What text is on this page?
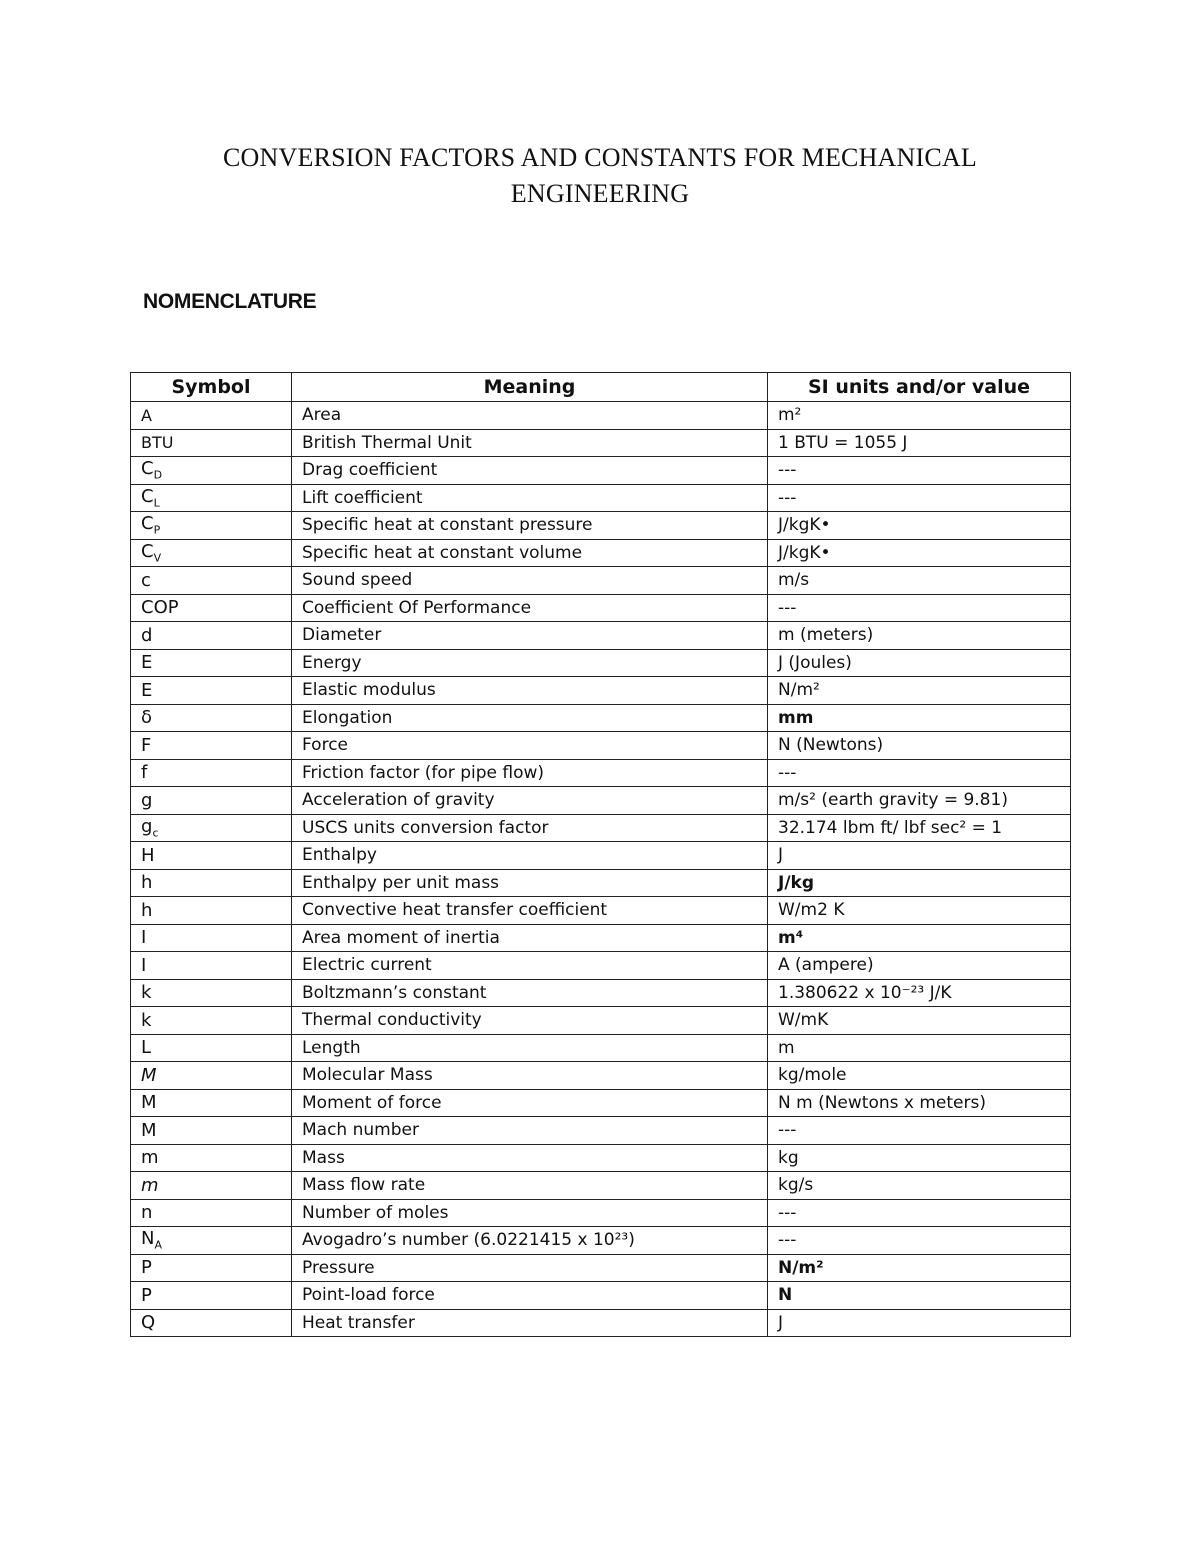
CONVERSION FACTORS AND CONSTANTS FOR MECHANICAL
ENGINEERING
NOMENCLATURE
Symbol	Meaning	SI units and/or value
A	Area	m²
BTU	British Thermal Unit	1 BTU = 1055 J
$C_D$	Drag coefficient	---
$C_L$	Lift coefficient	---
$C_P$	Specific heat at constant pressure	J/kgK•
$C_V$	Specific heat at constant volume	J/kgK•
c	Sound speed	m/s
COP	Coefficient Of Performance	---
d	Diameter	m (meters)
E	Energy	J (Joules)
E	Elastic modulus	N/m²
δ	Elongation	mm
F	Force	N (Newtons)
f	Friction factor (for pipe flow)	---
g	Acceleration of gravity	m/s² (earth gravity = 9.81)
$g_c$	USCS units conversion factor	32.174 lbm ft/ lbf sec² = 1
H	Enthalpy	J
h	Enthalpy per unit mass	J/kg
h	Convective heat transfer coefficient	W/m2 K
I	Area moment of inertia	m⁴
I	Electric current	A (ampere)
k	Boltzmann’s constant	1.380622 x 10⁻²³ J/K
k	Thermal conductivity	W/mK
L	Length	m
M	Molecular Mass	kg/mole
M	Moment of force	N m (Newtons x meters)
M	Mach number	---
m	Mass	kg
m	Mass flow rate	kg/s
n	Number of moles	---
$N_A$	Avogadro’s number (6.0221415 x 10²³)	---
P	Pressure	N/m²
P	Point-load force	N
Q	Heat transfer	J
